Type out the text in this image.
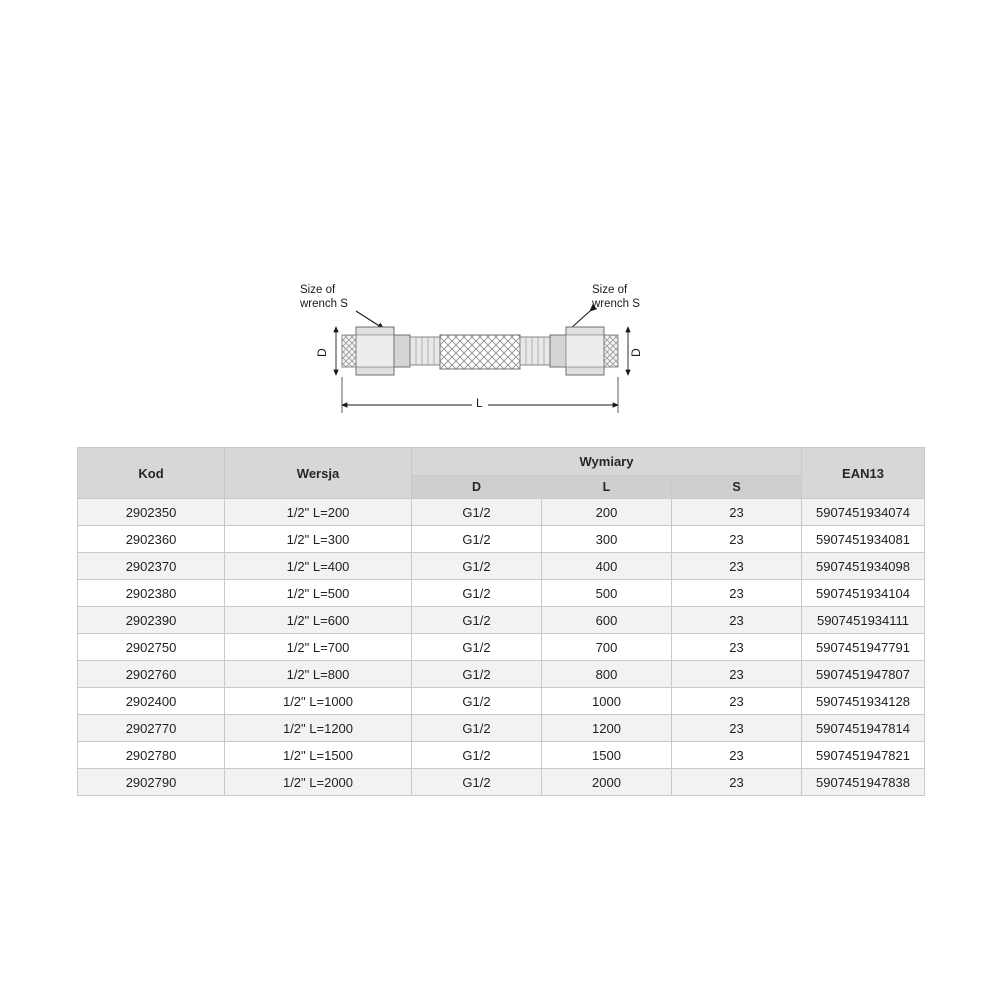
Size of
wrench S
Size of
wrench S
D	D
L
Kod	Wersja	Wymiary			EAN13
		D	L	S	
2902350	1/2" L=200	G1/2	200	23	5907451934074
2902360	1/2" L=300	G1/2	300	23	5907451934081
2902370	1/2" L=400	G1/2	400	23	5907451934098
2902380	1/2" L=500	G1/2	500	23	5907451934104
2902390	1/2" L=600	G1/2	600	23	5907451934111
2902750	1/2" L=700	G1/2	700	23	5907451947791
2902760	1/2" L=800	G1/2	800	23	5907451947807
2902400	1/2" L=1000	G1/2	1000	23	5907451934128
2902770	1/2" L=1200	G1/2	1200	23	5907451947814
2902780	1/2" L=1500	G1/2	1500	23	5907451947821
2902790	1/2" L=2000	G1/2	2000	23	5907451947838
